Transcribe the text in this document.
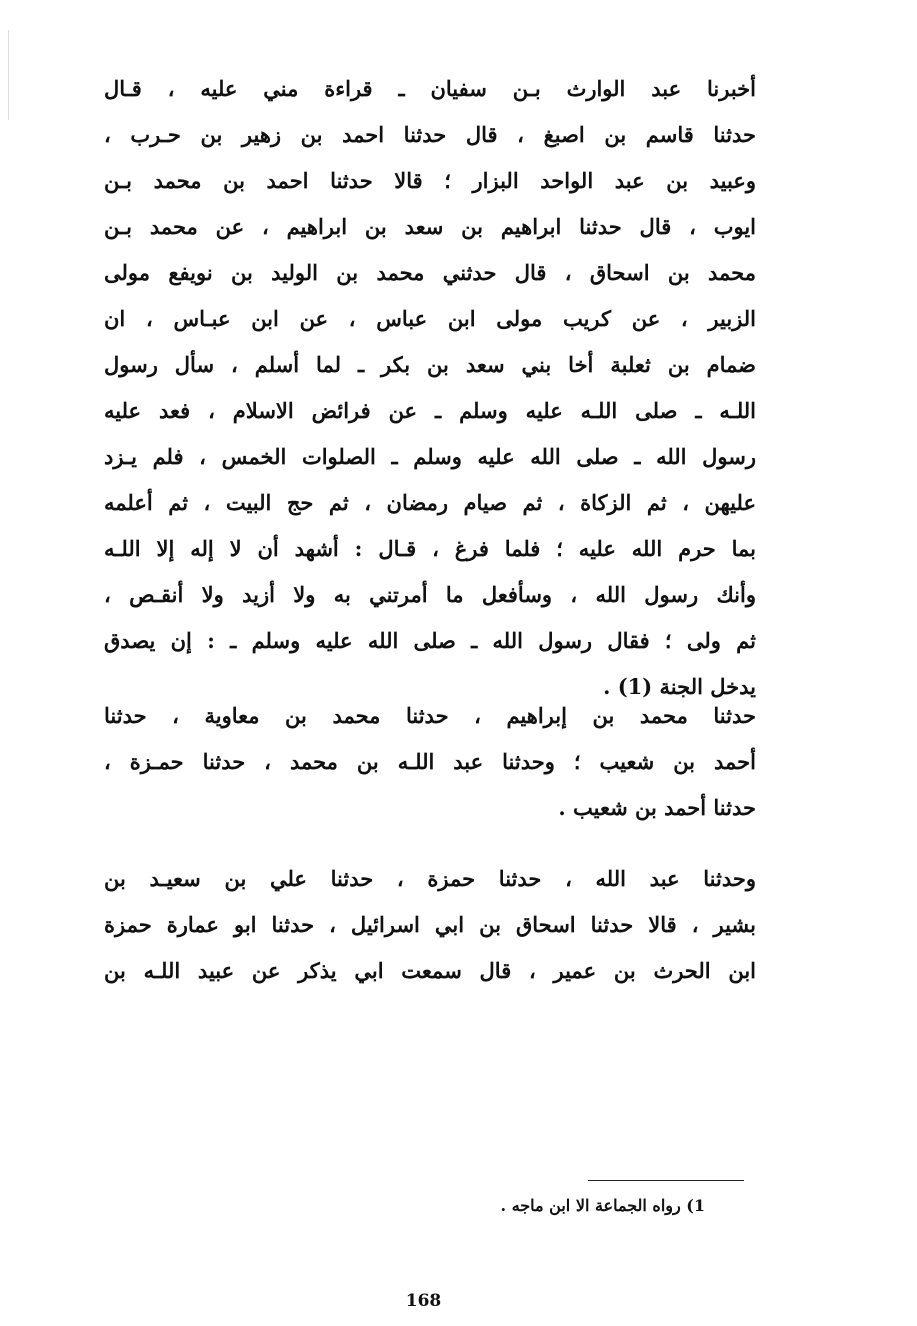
أخبرنا عبد الوارث بـن سفيان ـ قراءة مني عليه ، قـال
حدثنا قاسم بن اصبغ ، قال حدثنا احمد بن زهير بن حـرب ،
وعبيد بن عبد الواحد البزار ؛ قالا حدثنا احمد بن محمد بـن
ايوب ، قال حدثنا ابراهيم بن سعد بن ابراهيم ، عن محمد بـن
محمد بن اسحاق ، قال حدثني محمد بن الوليد بن نويفع مولى
الزبير ، عن كريب مولى ابن عباس ، عن ابن عبـاس ، ان
ضمام بن ثعلبة أخا بني سعد بن بكر ـ لما أسلم ، سأل رسول
اللـه ـ صلى اللـه عليه وسلم ـ عن فرائض الاسلام ، فعد عليه
رسول الله ـ صلى الله عليه وسلم ـ الصلوات الخمس ، فلم يـزد
عليهن ، ثم الزكاة ، ثم صيام رمضان ، ثم حج البيت ، ثم أعلمه
بما حرم الله عليه ؛ فلما فرغ ، قـال : أشهد أن لا إله إلا اللـه
وأنك رسول الله ، وسأفعل ما أمرتني به ولا أزيد ولا أنقـص ،
ثم ولى ؛ فقال رسول الله ـ صلى الله عليه وسلم ـ : إن يصدق
يدخل الجنة (1) .
حدثنا محمد بن إبراهيم ، حدثنا محمد بن معاوية ، حدثنا
أحمد بن شعيب ؛ وحدثنا عبد اللـه بن محمد ، حدثنا حمـزة ،
حدثنا أحمد بن شعيب .
وحدثنا عبد الله ، حدثنا حمزة ، حدثنا علي بن سعيـد بن
بشير ، قالا حدثنا اسحاق بن ابي اسرائيل ، حدثنا ابو عمارة حمزة
ابن الحرث بن عمير ، قال سمعت ابي يذكر عن عبيد اللـه بن
1) رواه الجماعة الا ابن ماجه .
168
